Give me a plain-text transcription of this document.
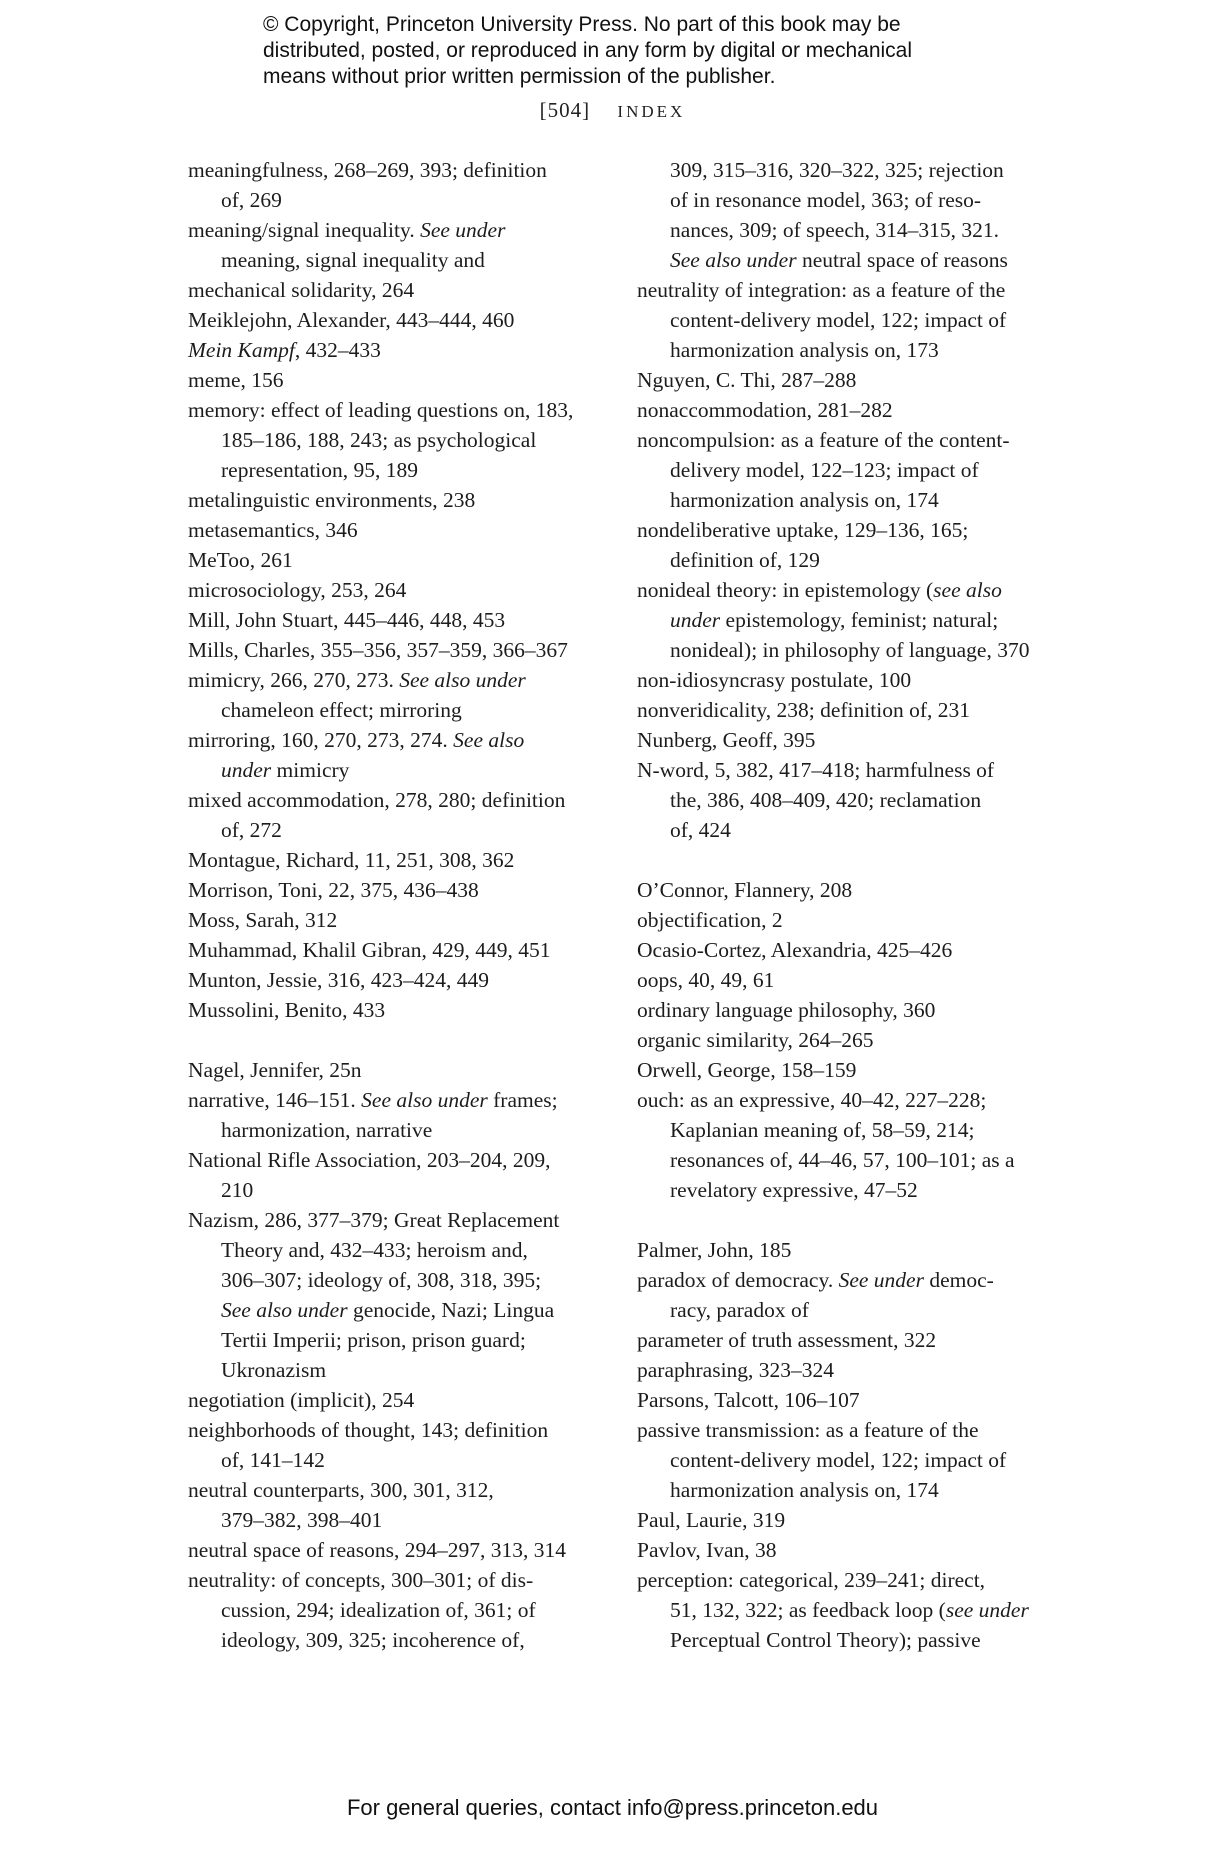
© Copyright, Princeton University Press. No part of this book may be
distributed, posted, or reproduced in any form by digital or mechanical
means without prior written permission of the publisher.
[504] INDEX
meaningfulness, 268–269, 393; definition
of, 269
meaning/signal inequality. See under
meaning, signal inequality and
mechanical solidarity, 264
Meiklejohn, Alexander, 443–444, 460
Mein Kampf, 432–433
meme, 156
memory: effect of leading questions on, 183,
185–186, 188, 243; as psychological
representation, 95, 189
metalinguistic environments, 238
metasemantics, 346
MeToo, 261
microsociology, 253, 264
Mill, John Stuart, 445–446, 448, 453
Mills, Charles, 355–356, 357–359, 366–367
mimicry, 266, 270, 273. See also under
chameleon effect; mirroring
mirroring, 160, 270, 273, 274. See also
under mimicry
mixed accommodation, 278, 280; definition
of, 272
Montague, Richard, 11, 251, 308, 362
Morrison, Toni, 22, 375, 436–438
Moss, Sarah, 312
Muhammad, Khalil Gibran, 429, 449, 451
Munton, Jessie, 316, 423–424, 449
Mussolini, Benito, 433
Nagel, Jennifer, 25n
narrative, 146–151. See also under frames;
harmonization, narrative
National Rifle Association, 203–204, 209,
210
Nazism, 286, 377–379; Great Replacement
Theory and, 432–433; heroism and,
306–307; ideology of, 308, 318, 395;
See also under genocide, Nazi; Lingua
Tertii Imperii; prison, prison guard;
Ukronazism
negotiation (implicit), 254
neighborhoods of thought, 143; definition
of, 141–142
neutral counterparts, 300, 301, 312,
379–382, 398–401
neutral space of reasons, 294–297, 313, 314
neutrality: of concepts, 300–301; of dis-
cussion, 294; idealization of, 361; of
ideology, 309, 325; incoherence of,
309, 315–316, 320–322, 325; rejection
of in resonance model, 363; of reso-
nances, 309; of speech, 314–315, 321.
See also under neutral space of reasons
neutrality of integration: as a feature of the
content-delivery model, 122; impact of
harmonization analysis on, 173
Nguyen, C. Thi, 287–288
nonaccommodation, 281–282
noncompulsion: as a feature of the content-
delivery model, 122–123; impact of
harmonization analysis on, 174
nondeliberative uptake, 129–136, 165;
definition of, 129
nonideal theory: in epistemology (see also
under epistemology, feminist; natural;
nonideal); in philosophy of language, 370
non-idiosyncrasy postulate, 100
nonveridicality, 238; definition of, 231
Nunberg, Geoff, 395
N-word, 5, 382, 417–418; harmfulness of
the, 386, 408–409, 420; reclamation
of, 424
O’Connor, Flannery, 208
objectification, 2
Ocasio-Cortez, Alexandria, 425–426
oops, 40, 49, 61
ordinary language philosophy, 360
organic similarity, 264–265
Orwell, George, 158–159
ouch: as an expressive, 40–42, 227–228;
Kaplanian meaning of, 58–59, 214;
resonances of, 44–46, 57, 100–101; as a
revelatory expressive, 47–52
Palmer, John, 185
paradox of democracy. See under democ-
racy, paradox of
parameter of truth assessment, 322
paraphrasing, 323–324
Parsons, Talcott, 106–107
passive transmission: as a feature of the
content-delivery model, 122; impact of
harmonization analysis on, 174
Paul, Laurie, 319
Pavlov, Ivan, 38
perception: categorical, 239–241; direct,
51, 132, 322; as feedback loop (see under
Perceptual Control Theory); passive
For general queries, contact info@press.princeton.edu
